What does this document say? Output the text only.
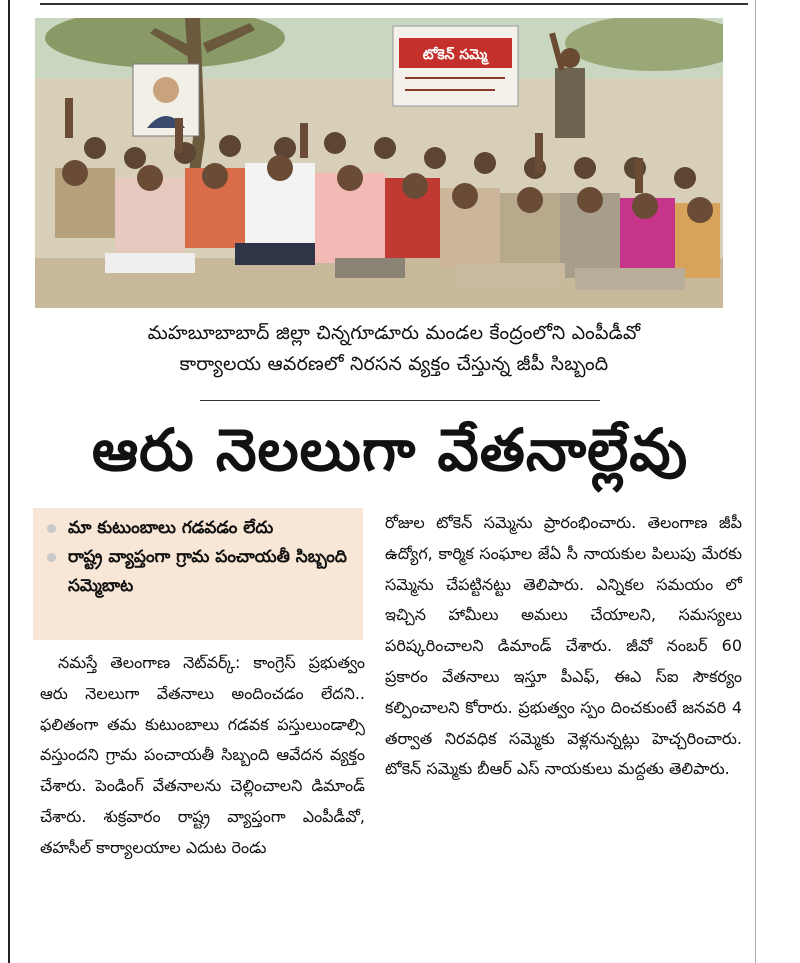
టోకెన్ సమ్మె
మహబూబాబాద్ జిల్లా చిన్నగూడూరు మండల కేంద్రంలోని ఎంపీడీవో
కార్యాలయ ఆవరణలో నిరసన వ్యక్తం చేస్తున్న జీపీ సిబ్బంది
ఆరు నెలలుగా వేతనాల్లేవు
మా కుటుంబాలు గడవడం లేదు
రాష్ట్ర వ్యాప్తంగా గ్రామ పంచాయతీ సిబ్బంది సమ్మెబాట

నమస్తే తెలంగాణ నెట్‌వర్క్‌: కాంగ్రెస్‌ ప్రభుత్వం ఆరు నెలలుగా వేతనాలు అందించడం లేదని.. ఫలితంగా తమ కుటుంబాలు గడవక పస్తులుండాల్సి వస్తుందని గ్రామ పంచాయతీ సిబ్బంది ఆవేదన వ్యక్తం చేశారు. పెండింగ్‌ వేతనాలను చెల్లించాలని డిమాండ్‌ చేశారు. శుక్రవారం రాష్ట్ర వ్యాప్తంగా ఎంపీడీవో, తహసీల్‌ కార్యాలయాల ఎదుట రెండు

రోజుల టోకెన్‌ సమ్మెను ప్రారంభించారు. తెలంగాణ జీపీ ఉద్యోగ, కార్మిక సంఘాల జేఏ సీ నాయకుల పిలుపు మేరకు సమ్మెను చేపట్టినట్టు తెలిపారు. ఎన్నికల సమయం లో ఇచ్చిన హామీలు అమలు చేయాలని, సమస్యలు పరిష్కరించాలని డిమాండ్‌ చేశారు. జీవో నంబర్‌ 60 ప్రకారం వేతనాలు ఇస్తూ పీఎఫ్‌, ఈఎ స్‌ఐ సౌకర్యం కల్పించాలని కోరారు. ప్రభుత్వం స్పం దించకుంటే జనవరి 4 తర్వాత నిరవధిక సమ్మెకు వెళ్లనున్నట్లు హెచ్చరించారు. టోకెన్‌ సమ్మెకు బీఆర్‌ ఎస్‌ నాయకులు మద్దతు తెలిపారు.
